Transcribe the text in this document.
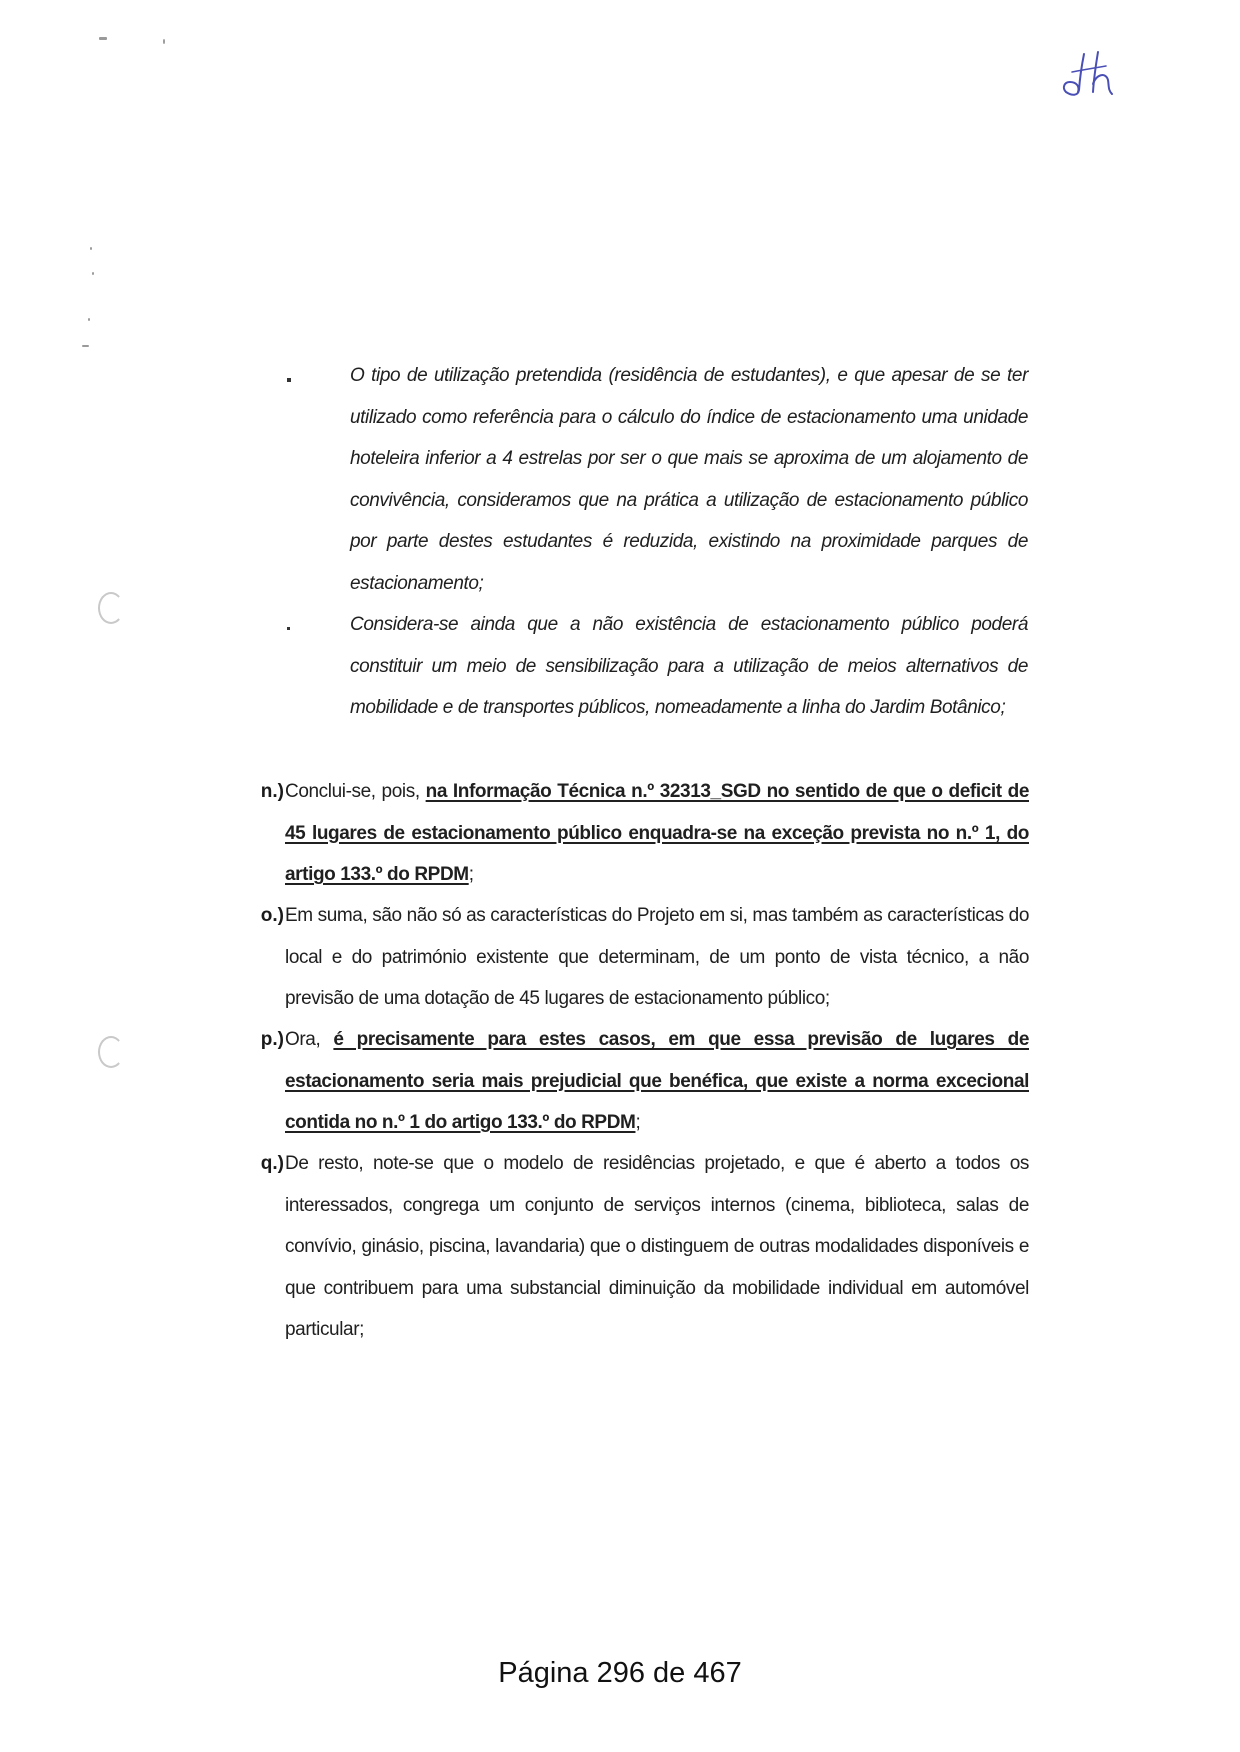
O tipo de utilização pretendida (residência de estudantes), e que apesar de se ter utilizado como referência para o cálculo do índice de estacionamento uma unidade hoteleira inferior a 4 estrelas por ser o que mais se aproxima de um alojamento de convivência, consideramos que na prática a utilização de estacionamento público por parte destes estudantes é reduzida, existindo na proximidade parques de estacionamento;
Considera-se ainda que a não existência de estacionamento público poderá constituir um meio de sensibilização para a utilização de meios alternativos de mobilidade e de transportes públicos, nomeadamente a linha do Jardim Botânico;
n.) Conclui-se, pois, na Informação Técnica n.º 32313_SGD no sentido de que o deficit de 45 lugares de estacionamento público enquadra-se na exceção prevista no n.º 1, do artigo 133.º do RPDM;
o.) Em suma, são não só as características do Projeto em si, mas também as características do local e do património existente que determinam, de um ponto de vista técnico, a não previsão de uma dotação de 45 lugares de estacionamento público;
p.) Ora, é precisamente para estes casos, em que essa previsão de lugares de estacionamento seria mais prejudicial que benéfica, que existe a norma excecional contida no n.º 1 do artigo 133.º do RPDM;
q.) De resto, note-se que o modelo de residências projetado, e que é aberto a todos os interessados, congrega um conjunto de serviços internos (cinema, biblioteca, salas de convívio, ginásio, piscina, lavandaria) que o distinguem de outras modalidades disponíveis e que contribuem para uma substancial diminuição da mobilidade individual em automóvel particular;
Página 296 de 467
